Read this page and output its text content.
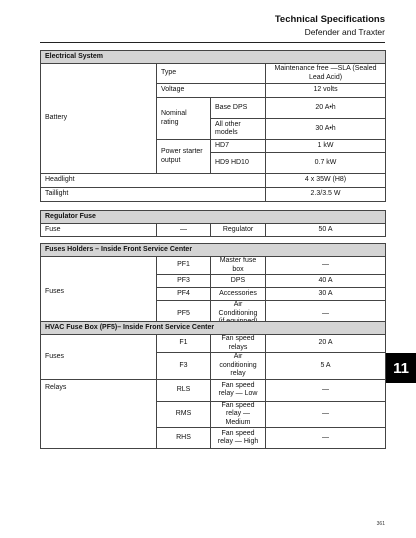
Technical Specifications
Defender and Traxter
Electrical System			
Battery	Type		Maintenance free —SLA (Sealed Lead Acid)
	Voltage		12 volts
	Nominal rating	Base DPS	20 A•h
		All other models	30 A•h
	Power starter output	HD7	1 kW
		HD9 HD10	0.7 kW
Headlight			4 x 35W (H8)
Taillight			2.3/3.5 W
Regulator Fuse
Fuse	—	Regulator	50 A
Fuses Holders – Inside Front Service Center			
Fuses	PF1	Master fuse box	—
	PF3	DPS	40 A
	PF4	Accessories	30 A
	PF5	Air Conditioning	—
HVAC Fuse Box (PF5)– Inside Front Service Center			
Fuses	F1	Fan speed relays	20 A
	F3	Air conditioning relay	5 A
Relays	RLS	Fan speed relay — Low	—
	RMS	Fan speed relay — Medium	—
	RHS	Fan speed relay — High	—
11
361
